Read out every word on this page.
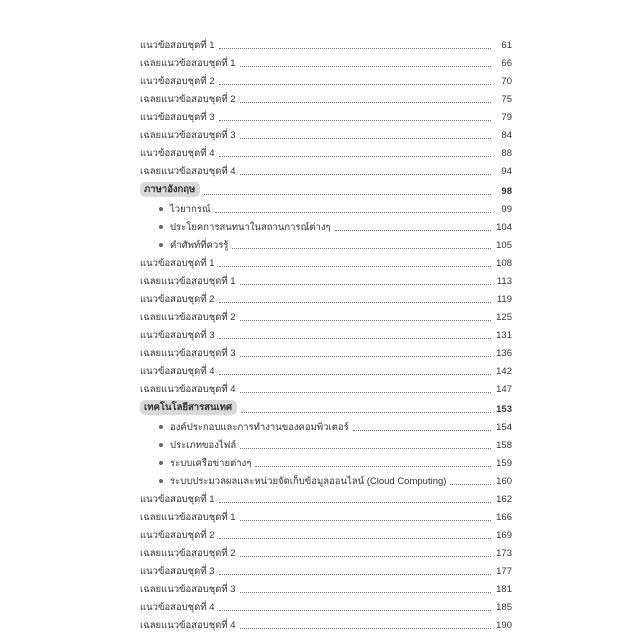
แนวข้อสอบชุดที่ 1	61
เฉลยแนวข้อสอบชุดที่ 1	66
แนวข้อสอบชุดที่ 2	70
เฉลยแนวข้อสอบชุดที่ 2	75
แนวข้อสอบชุดที่ 3	79
เฉลยแนวข้อสอบชุดที่ 3	84
แนวข้อสอบชุดที่ 4	88
เฉลยแนวข้อสอบชุดที่ 4	94
ภาษาอังกฤษ	98
ไวยากรณ์	99
ประโยคการสนทนาในสถานการณ์ต่างๆ	104
คำศัพท์ที่ควรรู้	105
แนวข้อสอบชุดที่ 1	108
เฉลยแนวข้อสอบชุดที่ 1	113
แนวข้อสอบชุดที่ 2	119
เฉลยแนวข้อสอบชุดที่ 2	125
แนวข้อสอบชุดที่ 3	131
เฉลยแนวข้อสอบชุดที่ 3	136
แนวข้อสอบชุดที่ 4	142
เฉลยแนวข้อสอบชุดที่ 4	147
เทคโนโลยีสารสนเทศ	153
องค์ประกอบและการทำงานของคอมพิวเตอร์	154
ประเภทของไฟล์	158
ระบบเครือข่ายต่างๆ	159
ระบบประมวลผลและหน่วยจัดเก็บข้อมูลออนไลน์ (Cloud Computing)	160
แนวข้อสอบชุดที่ 1	162
เฉลยแนวข้อสอบชุดที่ 1	166
แนวข้อสอบชุดที่ 2	169
เฉลยแนวข้อสอบชุดที่ 2	173
แนวข้อสอบชุดที่ 3	177
เฉลยแนวข้อสอบชุดที่ 3	181
แนวข้อสอบชุดที่ 4	185
เฉลยแนวข้อสอบชุดที่ 4	190
